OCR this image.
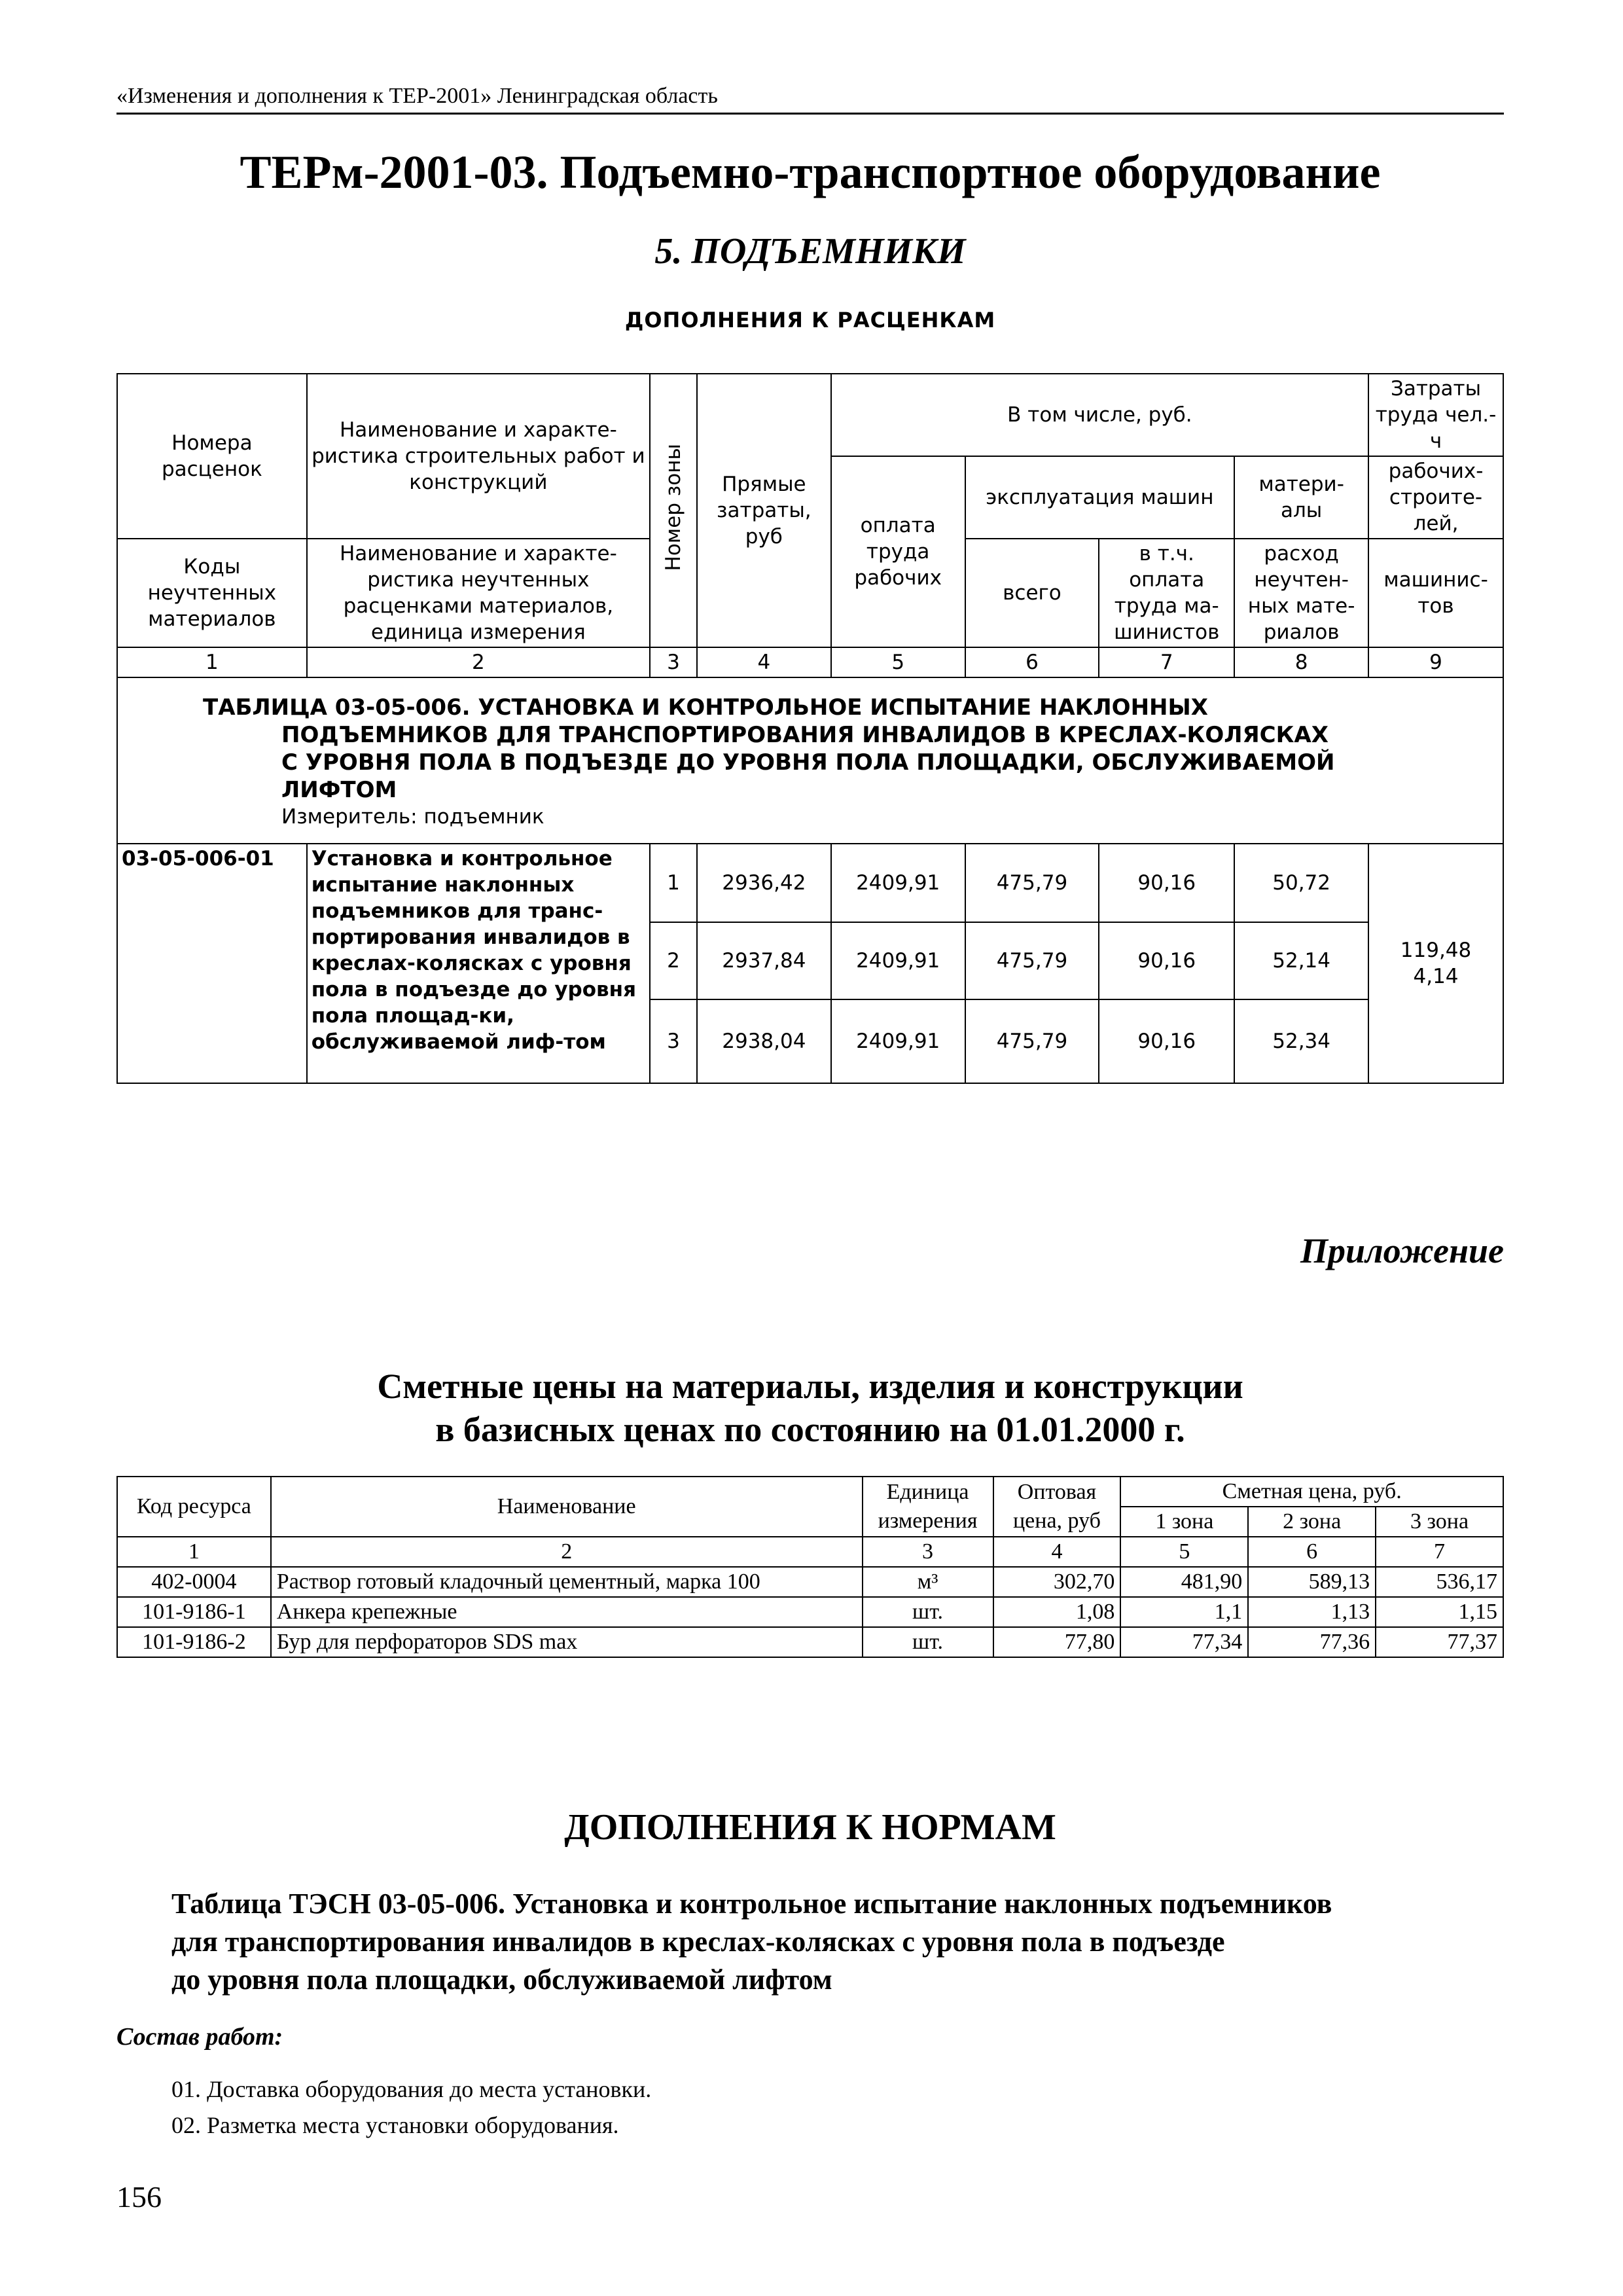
«Изменения и дополнения к ТЕР-2001» Ленинградская область
ТЕРм-2001-03. Подъемно-транспортное оборудование
5. ПОДЪЕМНИКИ
ДОПОЛНЕНИЯ К РАСЦЕНКАМ
Номера расценок	Наименование и характе-ристика строительных работ и конструкций	Номер зоны	Прямые затраты, руб	В том числе, руб.				Затраты труда чел.-ч
				оплата труда рабочих	эксплуатация машин		матери-алы	рабочих-строите-лей,
Коды неучтенных материалов	Наименование и характе-ристика неучтенных расценками материалов, единица измерения				всего	в т.ч. оплата труда ма-шинистов	расход неучтен-ных мате-риалов	машинис-тов
1	2	3	4	5	6	7	8	9
ТАБЛИЦА 03-05-006. УСТАНОВКА И КОНТРОЛЬНОЕ ИСПЫТАНИЕ НАКЛОННЫХ

ПОДЪЕМНИКОВ ДЛЯ ТРАНСПОРТИРОВАНИЯ ИНВАЛИДОВ В КРЕСЛАХ-КОЛЯСКАХ
С УРОВНЯ ПОЛА В ПОДЪЕЗДЕ ДО УРОВНЯ ПОЛА ПЛОЩАДКИ, ОБСЛУЖИВАЕМОЙ
ЛИФТОМ
Измеритель: подъемник								

03-05-006-01	Установка и контрольное испытание наклонных подъемников для транс-портирования инвалидов в креслах-колясках с уровня пола в подъезде до уровня пола площад-ки, обслуживаемой лиф-том	1	2936,42	2409,91	475,79	90,16	50,72	119,48
4,14
		2	2937,84	2409,91	475,79	90,16	52,14	
		3	2938,04	2409,91	475,79	90,16	52,34	
Приложение
Сметные цены на материалы, изделия и конструкции
в базисных ценах по состоянию на 01.01.2000 г.
Код ресурса	Наименование	Единица измерения	Оптовая цена, руб	Сметная цена, руб.		
				1 зона	2 зона	3 зона
1	2	3	4	5	6	7
402-0004	Раствор готовый кладочный цементный, марка 100	м³	302,70	481,90	589,13	536,17
101-9186-1	Анкера крепежные	шт.	1,08	1,1	1,13	1,15
101-9186-2	Бур для перфораторов SDS max	шт.	77,80	77,34	77,36	77,37
ДОПОЛНЕНИЯ К НОРМАМ
Таблица ТЭСН 03-05-006. Установка и контрольное испытание наклонных подъемников
для транспортирования инвалидов в креслах-колясках с уровня пола в подъезде
до уровня пола площадки, обслуживаемой лифтом
Состав работ:
01. Доставка оборудования до места установки.
02. Разметка места установки оборудования.
156
